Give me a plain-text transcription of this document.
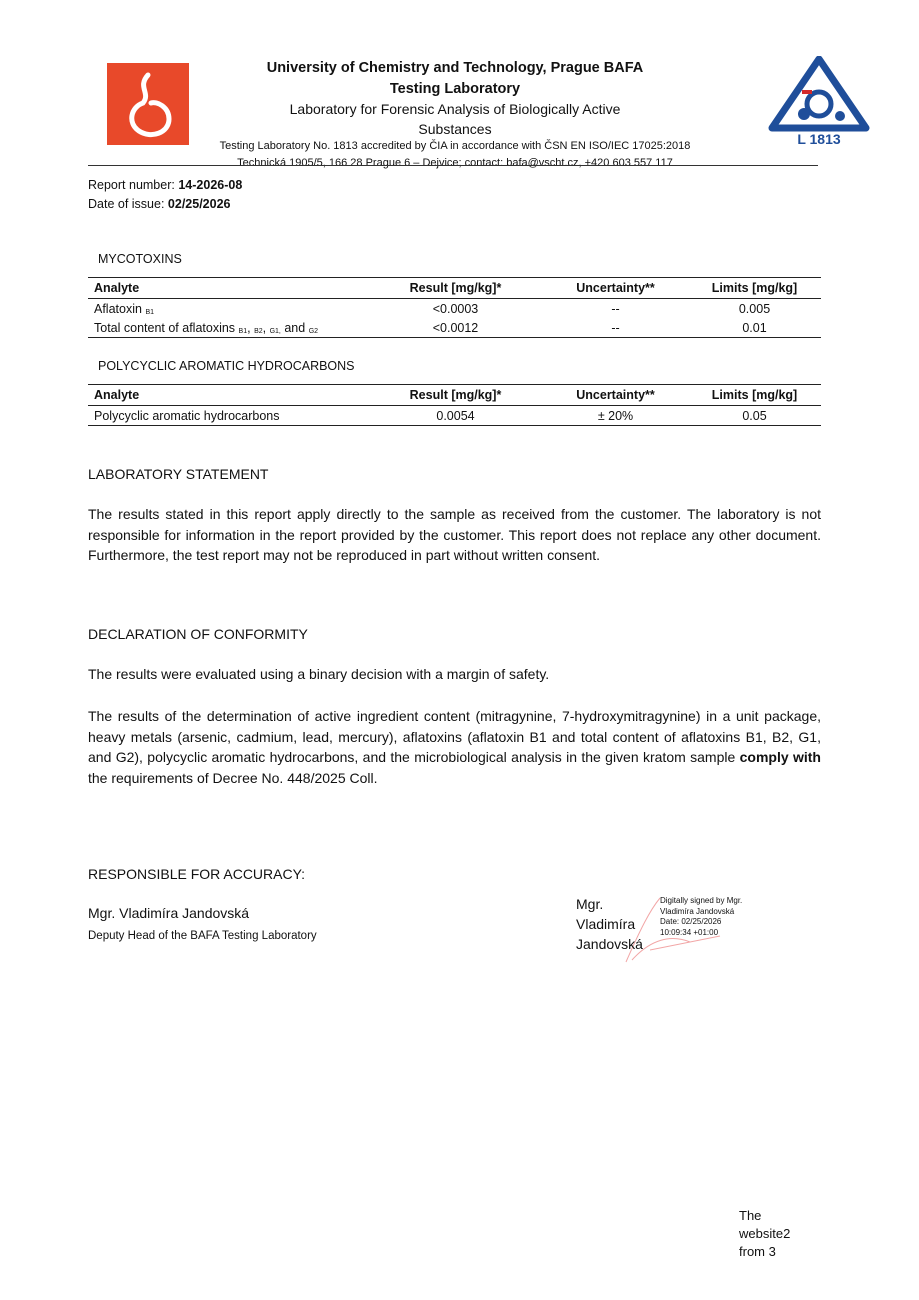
University of Chemistry and Technology, Prague BAFA
Testing Laboratory
Laboratory for Forensic Analysis of Biologically Active
Substances
Testing Laboratory No. 1813 accredited by ČIA in accordance with ČSN EN ISO/IEC 17025:2018 Technická 1905/5, 166 28 Prague 6 – Dejvice; contact: bafa@vscht.cz, +420 603 557 117
L 1813
Report number: 14-2026-08
Date of issue: 02/25/2026
MYCOTOXINS
Analyte	Result [mg/kg]*	Uncertainty**	Limits [mg/kg]
Aflatoxin B1	<0.0003	--	0.005
Total content of aflatoxins B1, B2, G1, and G2	<0.0012	--	0.01
POLYCYCLIC AROMATIC HYDROCARBONS
Analyte	Result [mg/kg]*	Uncertainty**	Limits [mg/kg]
Polycyclic aromatic hydrocarbons	0.0054	± 20%	0.05
LABORATORY STATEMENT
The results stated in this report apply directly to the sample as received from the customer. The laboratory is not responsible for information in the report provided by the customer. This report does not replace any other document. Furthermore, the test report may not be reproduced in part without written consent.
DECLARATION OF CONFORMITY
The results were evaluated using a binary decision with a margin of safety.
The results of the determination of active ingredient content (mitragynine, 7-hydroxymitragynine) in a unit package, heavy metals (arsenic, cadmium, lead, mercury), aflatoxins (aflatoxin B1 and total content of aflatoxins B1, B2, G1, and G2), polycyclic aromatic hydrocarbons, and the microbiological analysis in the given kratom sample comply with the requirements of Decree No. 448/2025 Coll.
RESPONSIBLE FOR ACCURACY:
Mgr. Vladimíra Jandovská
Deputy Head of the BAFA Testing Laboratory
Mgr.
Vladimíra
Jandovská
Digitally signed by Mgr.
Vladimíra Jandovská
Date: 02/25/2026
10:09:34 +01:00
The
website2
from 3
